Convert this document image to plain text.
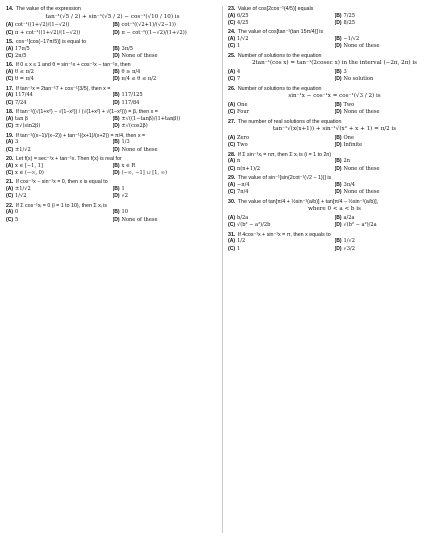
14. The value of the expression
tan⁻¹(√5 / 2) + sin⁻¹(√5 / 2) − cos⁻¹(√10 / 10) is
(A) cot⁻¹((1+√2)/(1−√2))	(B) cot⁻¹((√2+1)/(√2−1))
(C) π + cot⁻¹((1+√2)/(1−√2))	(D) π − cot⁻¹((1−√2)/(1+√2))
15. cos⁻¹[cos(−17π/5)] is equal to
(A) 17π/5	(B) 3π/5
(C) 2π/5	(D) None of these
16. If 0 ≤ x ≤ 1 and θ = sin⁻¹x + cos⁻¹x − tan⁻¹x, then
(A) θ ≤ π/2	(B) θ ≥ π/4
(C) θ = π/4	(D) π/4 ≤ θ ≤ π/2
17. If tan⁻¹x = 2tan⁻¹7 + cos⁻¹(3/5), then x =
(A) 117/44	(B) 117/125
(C) 7/24	(D) 117/84
18. If tan⁻¹((√(1+x²) − √(1−x²)) / (√(1+x²) + √(1−x²))) = β, then x =
(A) tan β	(B) ±√((1−tanβ)/(1+tanβ))
(C) ±√(sin2β)	(D) ±√(cos2β)
19. If tan⁻¹((x−1)/(x−2)) + tan⁻¹((x+1)/(x+2)) = π/4, then x =
(A) 3	(B) 1/3
(C) ±1/√2	(D) None of these
20. Let f(x) = sec⁻¹x + tan⁻¹x. Then f(x) is real for
(A) x ∈ [−1, 1]	(B) x ∈ R
(C) x ∈ (−∞, 0)	(D) (−∞, −1] ∪ [1, ∞)
21. If cos⁻¹x − sin⁻¹x = 0, then x is equal to
(A) ±1/√2	(B) 1
(C) 1/√2	(D) √2
22. If Σ cos⁻¹xᵢ = 0 (i = 1 to 10), then Σ xᵢ is
(A) 0	(B) 10
(C) 5	(D) None of these
23. Value of cos[2cos⁻¹(4/5)] equals
(A) 6/25	(B) 7/25
(C) 4/25	(D) 8/25
24. The value of cos[tan⁻¹(tan 15π/4)] is
(A) 1/√2	(B) −1/√2
(C) 1	(D) None of these
25. Number of solutions to the equation
2tan⁻¹(cos x) = tan⁻¹(2cosec x) in the interval (−2π, 2π) is
(A) 4	(B) 3
(C) 7	(D) No solution
26. Number of solutions to the equation
sin⁻¹x − cos⁻¹x = cos⁻¹(√3 / 2) is
(A) One	(B) Two
(C) Four	(D) None of these
27. The number of real solutions of the equation
tan⁻¹√(x(x+1)) + sin⁻¹√(x² + x + 1) = π/2 is
(A) Zero	(B) One
(C) Two	(D) Infinite
28. If Σ sin⁻¹xᵢ = nπ, then Σ xᵢ is (i = 1 to 2n)
(A) n	(B) 2n
(C) n(n+1)/2	(D) None of these
29. The value of sin⁻¹[sin(2cot⁻¹(√2 − 1))] is
(A) −π/4	(B) 3π/4
(C) 7π/4	(D) None of these
30. The value of tan[π/4 + ½sin⁻¹(a/b)] + tan[π/4 − ½sin⁻¹(a/b)],
where 0 < a < b is
(A) b/2a	(B) a/2a
(C) √(b² − a²)/2b	(D) √(b² − a²)/2a
31. If 4cos⁻¹x + sin⁻¹x = π, then x equals to
(A) 1/2	(B) 1/√2
(C) 1	(D) √3/2
